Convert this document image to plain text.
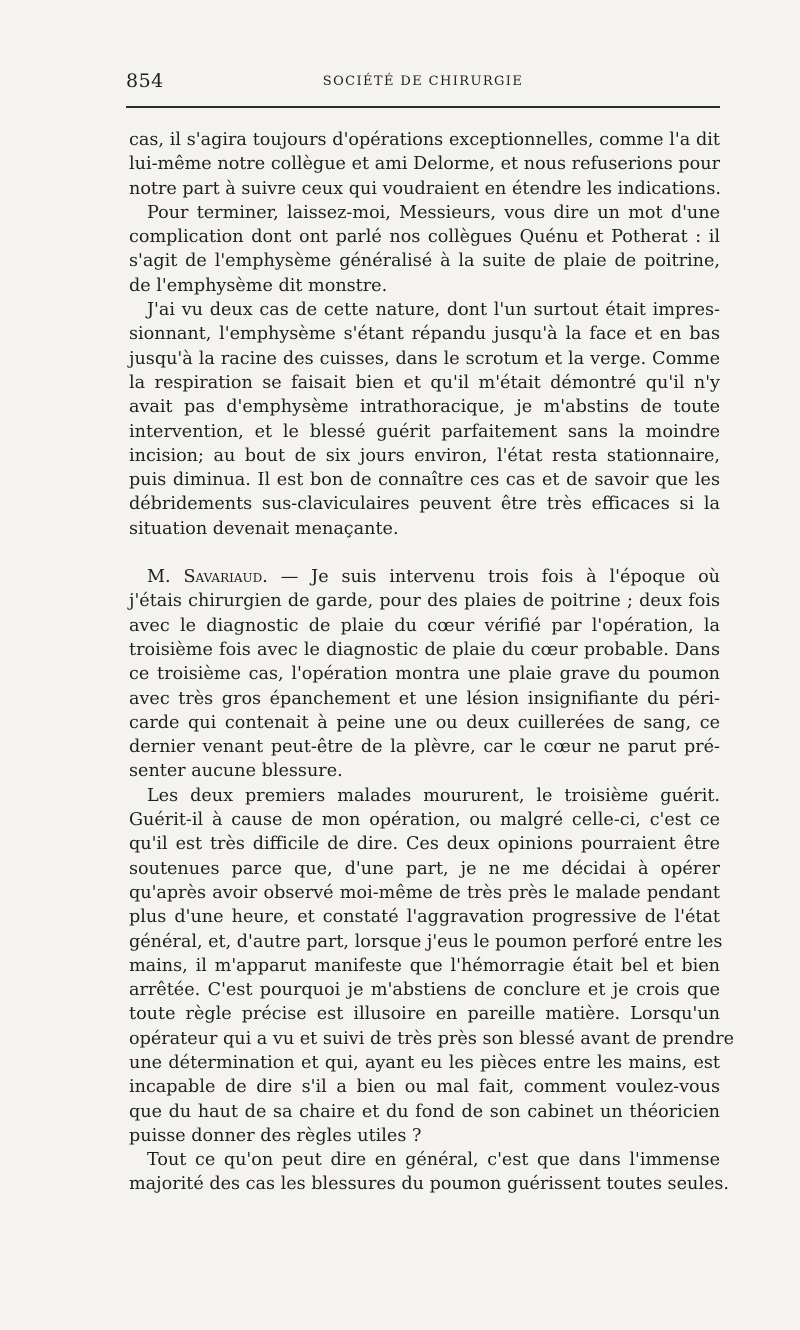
854	SOCIÉTÉ DE CHIRURGIE
cas, il s'agira toujours d'opérations exceptionnelles, comme l'a dit
lui-même notre collègue et ami Delorme, et nous refuserions pour
notre part à suivre ceux qui voudraient en étendre les indications.
Pour terminer, laissez-moi, Messieurs, vous dire un mot d'une
complication dont ont parlé nos collègues Quénu et Potherat : il
s'agit de l'emphysème généralisé à la suite de plaie de poitrine,
de l'emphysème dit monstre.
J'ai vu deux cas de cette nature, dont l'un surtout était impres-
sionnant, l'emphysème s'étant répandu jusqu'à la face et en bas
jusqu'à la racine des cuisses, dans le scrotum et la verge. Comme
la respiration se faisait bien et qu'il m'était démontré qu'il n'y
avait pas d'emphysème intrathoracique, je m'abstins de toute
intervention, et le blessé guérit parfaitement sans la moindre
incision; au bout de six jours environ, l'état resta stationnaire,
puis diminua. Il est bon de connaître ces cas et de savoir que les
débridements sus-claviculaires peuvent être très efficaces si la
situation devenait menaçante.
M. Savariaud. — Je suis intervenu trois fois à l'époque où
j'étais chirurgien de garde, pour des plaies de poitrine ; deux fois
avec le diagnostic de plaie du cœur vérifié par l'opération, la
troisième fois avec le diagnostic de plaie du cœur probable. Dans
ce troisième cas, l'opération montra une plaie grave du poumon
avec très gros épanchement et une lésion insignifiante du péri-
carde qui contenait à peine une ou deux cuillerées de sang, ce
dernier venant peut-être de la plèvre, car le cœur ne parut pré-
senter aucune blessure.
Les deux premiers malades moururent, le troisième guérit.
Guérit-il à cause de mon opération, ou malgré celle-ci, c'est ce
qu'il est très difficile de dire. Ces deux opinions pourraient être
soutenues parce que, d'une part, je ne me décidai à opérer
qu'après avoir observé moi-même de très près le malade pendant
plus d'une heure, et constaté l'aggravation progressive de l'état
général, et, d'autre part, lorsque j'eus le poumon perforé entre les
mains, il m'apparut manifeste que l'hémorragie était bel et bien
arrêtée. C'est pourquoi je m'abstiens de conclure et je crois que
toute règle précise est illusoire en pareille matière. Lorsqu'un
opérateur qui a vu et suivi de très près son blessé avant de prendre
une détermination et qui, ayant eu les pièces entre les mains, est
incapable de dire s'il a bien ou mal fait, comment voulez-vous
que du haut de sa chaire et du fond de son cabinet un théoricien
puisse donner des règles utiles ?
Tout ce qu'on peut dire en général, c'est que dans l'immense
majorité des cas les blessures du poumon guérissent toutes seules.
